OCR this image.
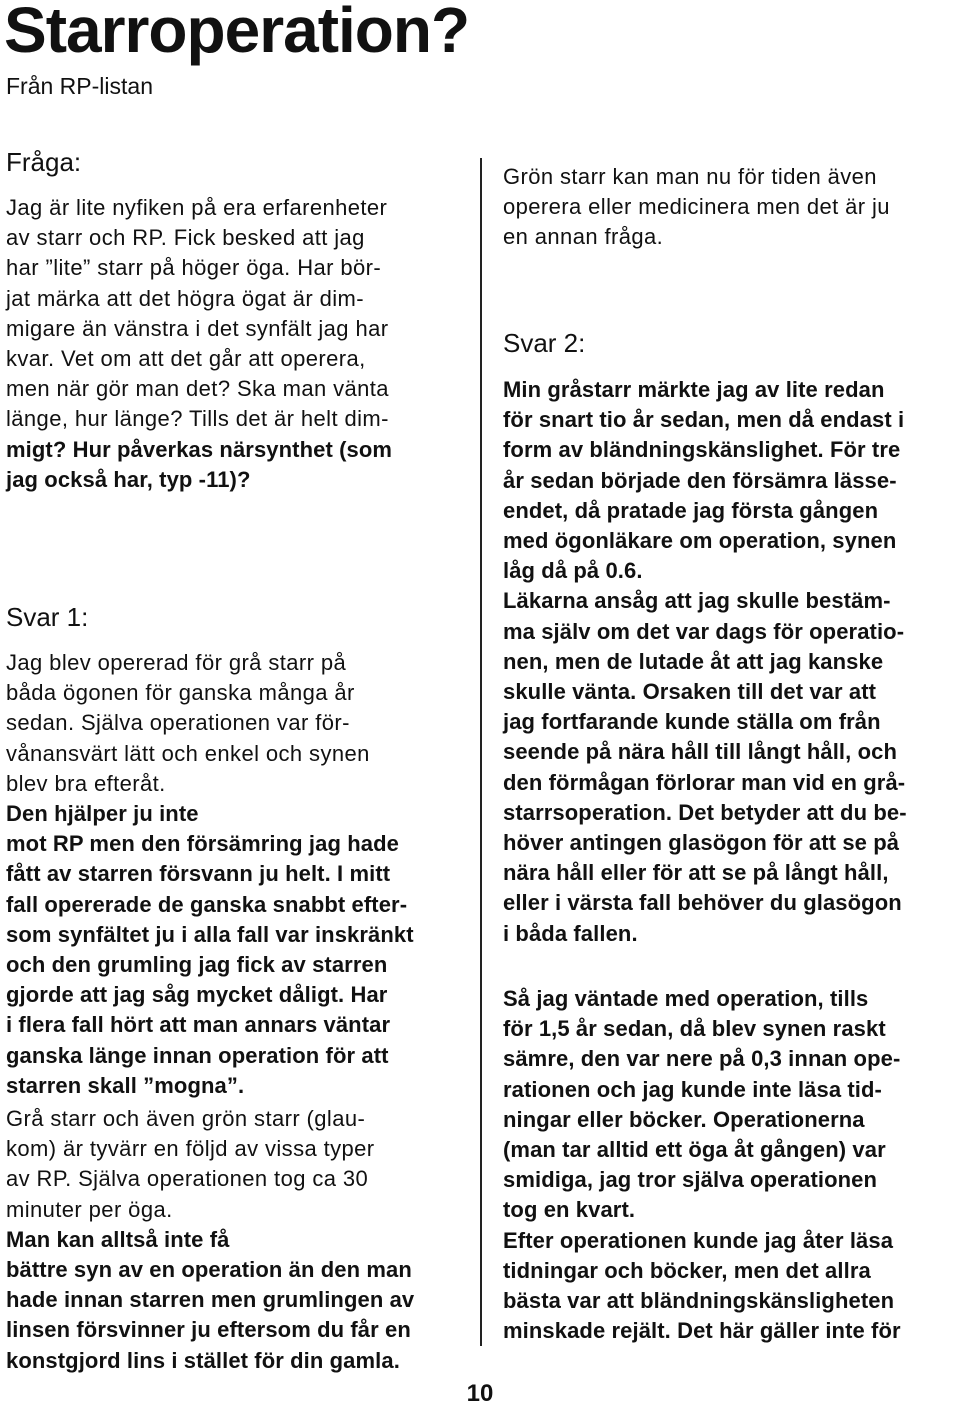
Starroperation?
Från RP-listan
Fråga:

Jag är lite nyfiken på era erfarenheter
av starr och RP. Fick besked att jag
har ”lite” starr på höger öga. Har bör-
jat märka att det högra ögat är dim-
migare än vänstra i det synfält jag har
kvar. Vet om att det går att operera,
men när gör man det? Ska man vänta
länge, hur länge? Tills det är helt dim-

migt? Hur påverkas närsynthet (som
jag också har, typ -11)?

Svar 1:

Jag blev opererad för grå starr på
båda ögonen för ganska många år
sedan. Själva operationen var för-
vånansvärt lätt och enkel och synen
blev bra efteråt.

Den hjälper ju inte
mot RP men den försämring jag hade
fått av starren försvann ju helt. I mitt
fall opererade de ganska snabbt efter-
som synfältet ju i alla fall var inskränkt
och den grumling jag fick av starren
gjorde att jag såg mycket dåligt. Har
i flera fall hört att man annars väntar
ganska länge innan operation för att
starren skall ”mogna”.

Grå starr och även grön starr (glau-
kom) är tyvärr en följd av vissa typer
av RP. Själva operationen tog ca 30
minuter per öga.

Man kan alltså inte få
bättre syn av en operation än den man
hade innan starren men grumlingen av
linsen försvinner ju eftersom du får en
konstgjord lins i stället för din gamla.

Grön starr kan man nu för tiden även
operera eller medicinera men det är ju
en annan fråga.

Svar 2:

Min gråstarr märkte jag av lite redan
för snart tio år sedan, men då endast i
form av bländningskänslighet. För tre
år sedan började den försämra lässe-
endet, då pratade jag första gången
med ögonläkare om operation, synen
låg då på 0.6.

Läkarna ansåg att jag skulle bestäm-
ma själv om det var dags för operatio-
nen, men de lutade åt att jag kanske
skulle vänta. Orsaken till det var att
jag fortfarande kunde ställa om från
seende på nära håll till långt håll, och
den förmågan förlorar man vid en grå-
starrsoperation. Det betyder att du be-
höver antingen glasögon för att se på
nära håll eller för att se på långt håll,
eller i värsta fall behöver du glasögon
i båda fallen.

Så jag väntade med operation, tills
för 1,5 år sedan, då blev synen raskt
sämre, den var nere på 0,3 innan ope-
rationen och jag kunde inte läsa tid-
ningar eller böcker. Operationerna
(man tar alltid ett öga åt gången) var
smidiga, jag tror själva operationen
tog en kvart.

Efter operationen kunde jag åter läsa
tidningar och böcker, men det allra
bästa var att bländningskänsligheten
minskade rejält. Det här gäller inte för

10
